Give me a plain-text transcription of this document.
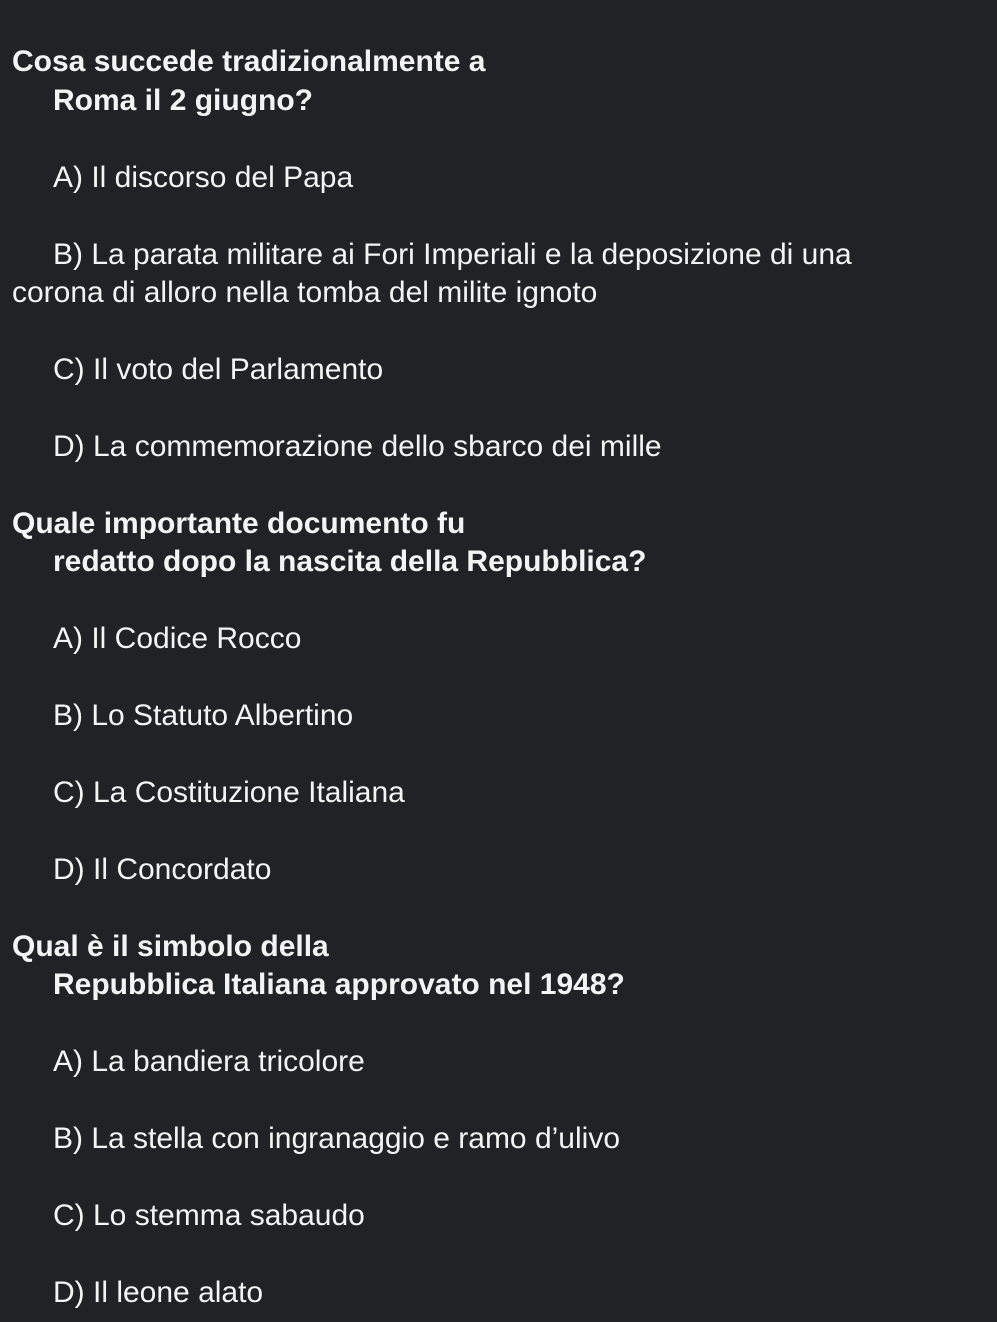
Cosa succede tradizionalmente a
Roma il 2 giugno?
A) Il discorso del Papa
B) La parata militare ai Fori Imperiali e la deposizione di una
corona di alloro nella tomba del milite ignoto
C) Il voto del Parlamento
D) La commemorazione dello sbarco dei mille
Quale importante documento fu
redatto dopo la nascita della Repubblica?
A) Il Codice Rocco
B) Lo Statuto Albertino
C) La Costituzione Italiana
D) Il Concordato
Qual è il simbolo della
Repubblica Italiana approvato nel 1948?
A) La bandiera tricolore
B) La stella con ingranaggio e ramo d’ulivo
C) Lo stemma sabaudo
D) Il leone alato
